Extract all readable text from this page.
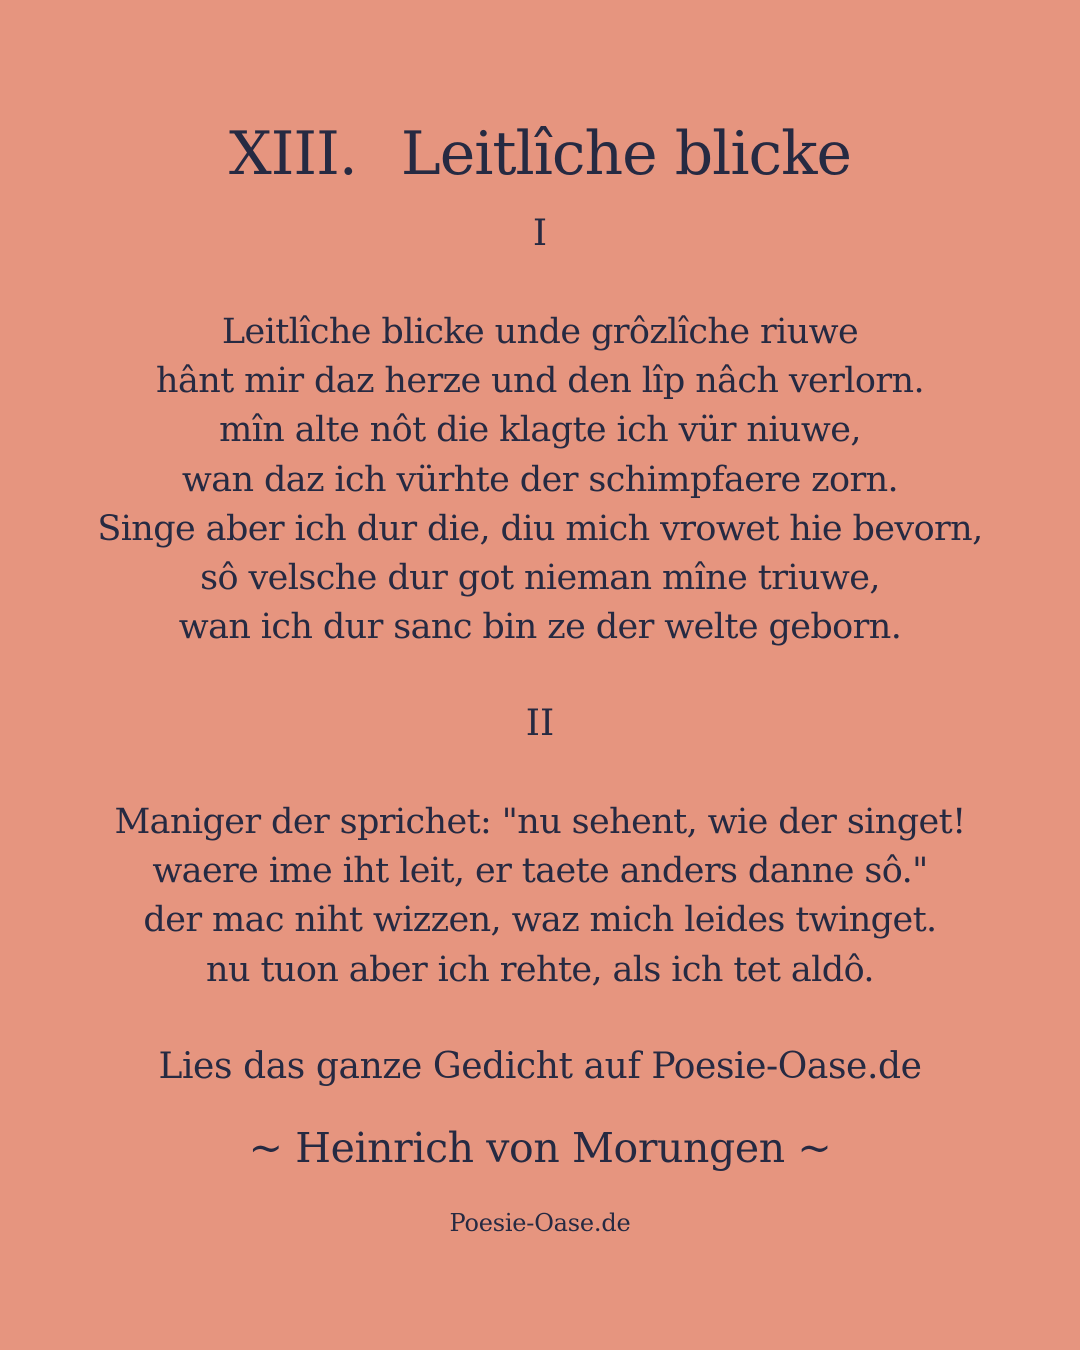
XIII. Leitlîche blicke
I
Leitlîche blicke unde grôzlîche riuwe
hânt mir daz herze und den lîp nâch verlorn.
mîn alte nôt die klagte ich vür niuwe,
wan daz ich vürhte der schimpfaere zorn.
Singe aber ich dur die, diu mich vrowet hie bevorn,
sô velsche dur got nieman mîne triuwe,
wan ich dur sanc bin ze der welte geborn.
II
Maniger der sprichet: "nu sehent, wie der singet!
waere ime iht leit, er taete anders danne sô."
der mac niht wizzen, waz mich leides twinget.
nu tuon aber ich rehte, als ich tet aldô.
Lies das ganze Gedicht auf Poesie-Oase.de
~ Heinrich von Morungen ~
Poesie-Oase.de
